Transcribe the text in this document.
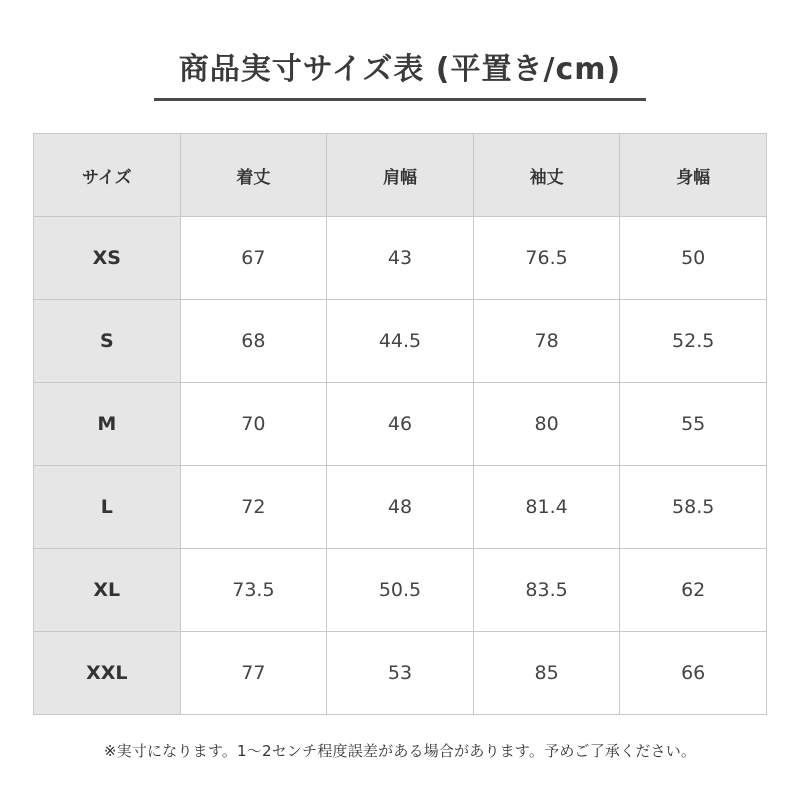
商品実寸サイズ表 (平置き/cm)
サイズ	着丈	肩幅	袖丈	身幅
XS	67	43	76.5	50
S	68	44.5	78	52.5
M	70	46	80	55
L	72	48	81.4	58.5
XL	73.5	50.5	83.5	62
XXL	77	53	85	66
※実寸になります。1〜2センチ程度誤差がある場合があります。予めご了承ください。
